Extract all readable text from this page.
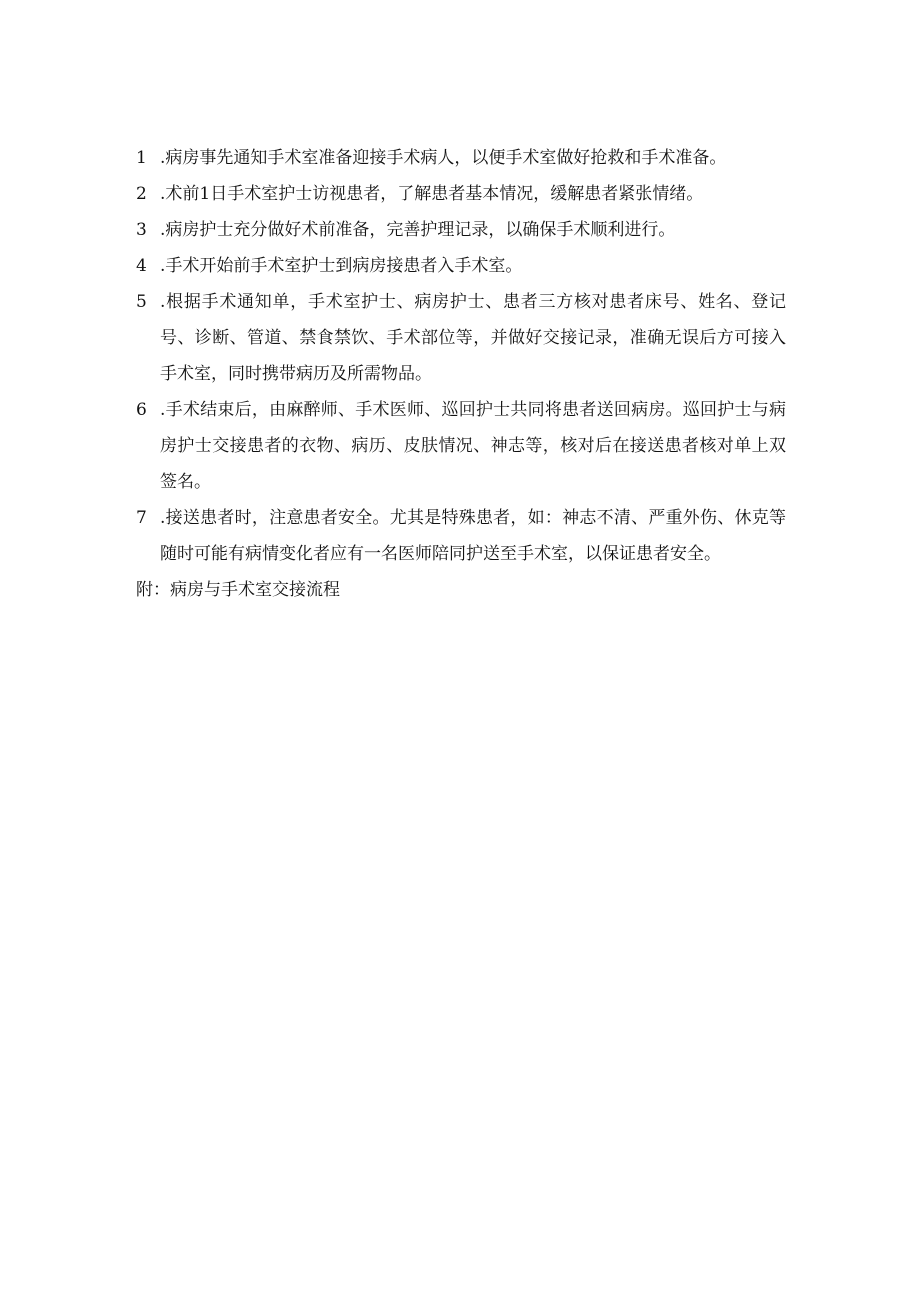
1 .病房事先通知手术室准备迎接手术病人，以便手术室做好抢救和手术准备。
2 .术前1日手术室护士访视患者，了解患者基本情况，缓解患者紧张情绪。
3 .病房护士充分做好术前准备，完善护理记录，以确保手术顺利进行。
4 .手术开始前手术室护士到病房接患者入手术室。
5 .根据手术通知单，手术室护士、病房护士、患者三方核对患者床号、姓名、登记号、诊断、管道、禁食禁饮、手术部位等，并做好交接记录，准确无误后方可接入手术室，同时携带病历及所需物品。
6 .手术结束后，由麻醉师、手术医师、巡回护士共同将患者送回病房。巡回护士与病房护士交接患者的衣物、病历、皮肤情况、神志等，核对后在接送患者核对单上双签名。
7 .接送患者时，注意患者安全。尤其是特殊患者，如：神志不清、严重外伤、休克等随时可能有病情变化者应有一名医师陪同护送至手术室，以保证患者安全。
附：病房与手术室交接流程
